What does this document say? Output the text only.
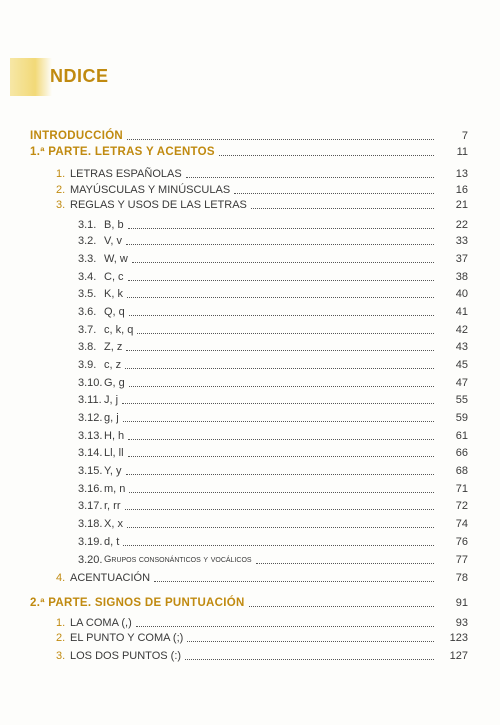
NDICE
INTRODUCCIÓN	7
1.ª PARTE. LETRAS Y ACENTOS	11
1. LETRAS ESPAÑOLAS	13
2. MAYÚSCULAS Y MINÚSCULAS	16
3. REGLAS Y USOS DE LAS LETRAS	21
3.1. B, b	22
3.2. V, v	33
3.3. W, w	37
3.4. C, c	38
3.5. K, k	40
3.6. Q, q	41
3.7. c, k, q	42
3.8. Z, z	43
3.9. c, z	45
3.10. G, g	47
3.11. J, j	55
3.12. g, j	59
3.13. H, h	61
3.14. Ll, ll	66
3.15. Y, y	68
3.16. m, n	71
3.17. r, rr	72
3.18. X, x	74
3.19. d, t	76
3.20. Grupos consonánticos y vocálicos	77
4. ACENTUACIÓN	78
2.ª PARTE. SIGNOS DE PUNTUACIÓN	91
1. LA COMA (,)	93
2. EL PUNTO Y COMA (;)	123
3. LOS DOS PUNTOS (:)	127
